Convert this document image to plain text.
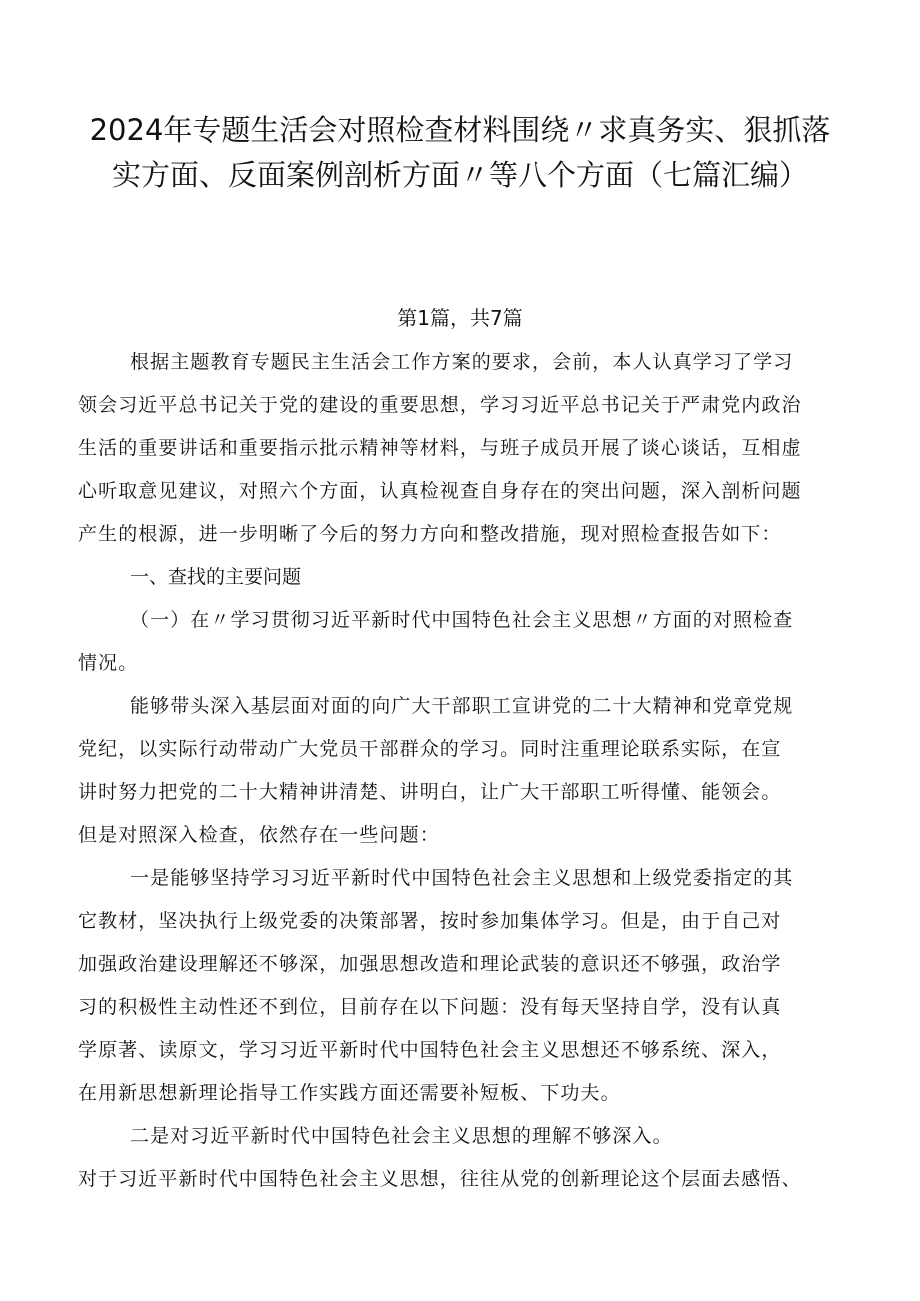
2024年专题生活会对照检查材料围绕〃求真务实、狠抓落实方面、反面案例剖析方面〃等八个方面（七篇汇编）
第1篇，共7篇
根据主题教育专题民主生活会工作方案的要求，会前，本人认真学习了学习
领会习近平总书记关于党的建设的重要思想，学习习近平总书记关于严肃党内政治
生活的重要讲话和重要指示批示精神等材料，与班子成员开展了谈心谈话，互相虚
心听取意见建议，对照六个方面，认真检视查自身存在的突出问题，深入剖析问题
产生的根源，进一步明晰了今后的努力方向和整改措施，现对照检查报告如下：
一、查找的主要问题
（一）在〃学习贯彻习近平新时代中国特色社会主义思想〃方面的对照检查
情况。
能够带头深入基层面对面的向广大干部职工宣讲党的二十大精神和党章党规
党纪，以实际行动带动广大党员干部群众的学习。同时注重理论联系实际，在宣
讲时努力把党的二十大精神讲清楚、讲明白，让广大干部职工听得懂、能领会。
但是对照深入检查，依然存在一些问题：
一是能够坚持学习习近平新时代中国特色社会主义思想和上级党委指定的其
它教材，坚决执行上级党委的决策部署，按时参加集体学习。但是，由于自己对
加强政治建设理解还不够深，加强思想改造和理论武装的意识还不够强，政治学
习的积极性主动性还不到位，目前存在以下问题：没有每天坚持自学，没有认真
学原著、读原文，学习习近平新时代中国特色社会主义思想还不够系统、深入，
在用新思想新理论指导工作实践方面还需要补短板、下功夫。
二是对习近平新时代中国特色社会主义思想的理解不够深入。
对于习近平新时代中国特色社会主义思想，往往从党的创新理论这个层面去感悟、
